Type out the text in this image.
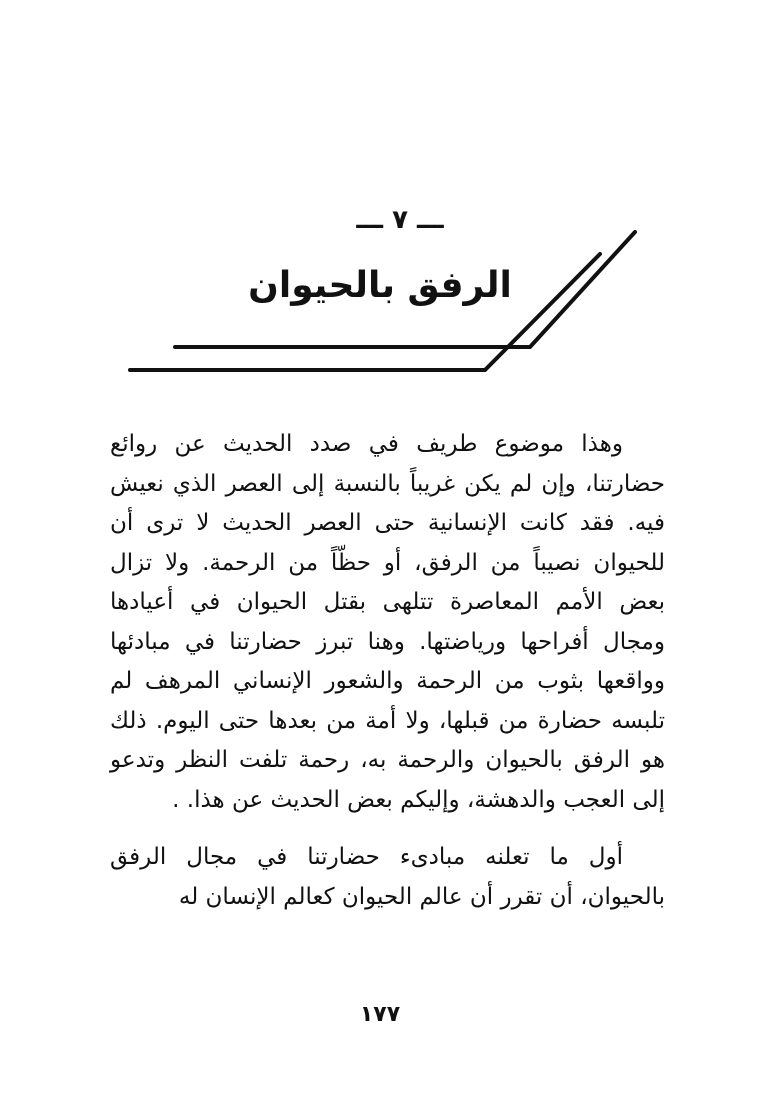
ـــ ٧ ـــ
الرفق بالحيوان

وهذا موضوع طريف في صدد الحديث عن روائع حضارتنا، وإن لم يكن غريباً بالنسبة إلى العصر الذي نعيش فيه. فقد كانت الإنسانية حتى العصر الحديث لا ترى أن للحيوان نصيباً من الرفق، أو حظّاً من الرحمة. ولا تزال بعض الأمم المعاصرة تتلهى بقتل الحيوان في أعيادها ومجال أفراحها ورياضتها. وهنا تبرز حضارتنا في مبادئها وواقعها بثوب من الرحمة والشعور الإنساني المرهف لم تلبسه حضارة من قبلها، ولا أمة من بعدها حتى اليوم. ذلك هو الرفق بالحيوان والرحمة به، رحمة تلفت النظر وتدعو إلى العجب والدهشة، وإليكم بعض الحديث عن هذا. .

أول ما تعلنه مبادىء حضارتنا في مجال الرفق بالحيوان، أن تقرر أن عالم الحيوان كعالم الإنسان له

١٧٧
